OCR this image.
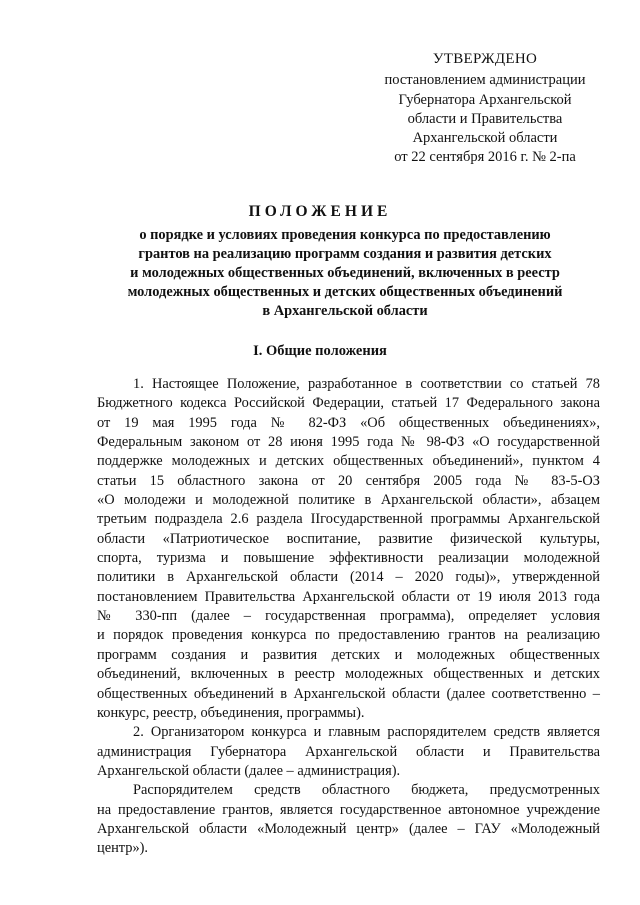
УТВЕРЖДЕНО
постановлением администрации
Губернатора Архангельской
области и Правительства
Архангельской области
от 22 сентября 2016 г. № 2-па
ПОЛОЖЕНИЕ
о порядке и условиях проведения конкурса по предоставлению
грантов на реализацию программ создания и развития детских
и молодежных общественных объединений, включенных в реестр
молодежных общественных и детских общественных объединений
в Архангельской области
I. Общие положения
1. Настоящее Положение, разработанное в соответствии со статьей 78
Бюджетного кодекса Российской Федерации, статьей 17 Федерального закона
от 19 мая 1995 года № 82-ФЗ «Об общественных объединениях»,
Федеральным законом от 28 июня 1995 года № 98-ФЗ «О государственной
поддержке молодежных и детских общественных объединений», пунктом 4
статьи 15 областного закона от 20 сентября 2005 года № 83-5-ОЗ
«О молодежи и молодежной политике в Архангельской области», абзацем
третьим подраздела 2.6 раздела IIгосударственной программы Архангельской
области «Патриотическое воспитание, развитие физической культуры,
спорта, туризма и повышение эффективности реализации молодежной
политики в Архангельской области (2014 – 2020 годы)», утвержденной
постановлением Правительства Архангельской области от 19 июля 2013 года
№ 330-пп (далее – государственная программа), определяет условия
и порядок проведения конкурса по предоставлению грантов на реализацию
программ создания и развития детских и молодежных общественных
объединений, включенных в реестр молодежных общественных и детских
общественных объединений в Архангельской области (далее соответственно –
конкурс, реестр, объединения, программы).
2. Организатором конкурса и главным распорядителем средств является
администрация Губернатора Архангельской области и Правительства
Архангельской области (далее – администрация).
Распорядителем средств областного бюджета, предусмотренных
на предоставление грантов, является государственное автономное учреждение
Архангельской области «Молодежный центр» (далее – ГАУ «Молодежный
центр»).
